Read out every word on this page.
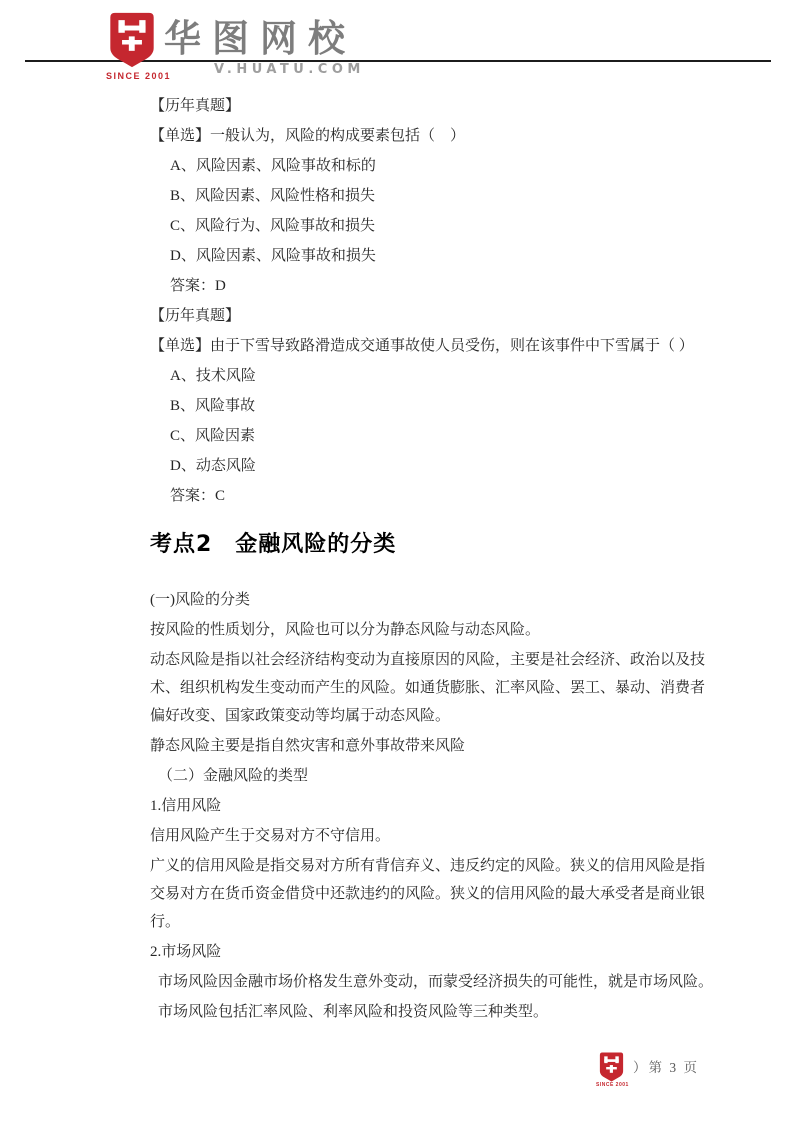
SINCE 2001
华图网校
V.HUATU.COM

【历年真题】

【单选】一般认为，风险的构成要素包括（　）

A、风险因素、风险事故和标的

B、风险因素、风险性格和损失

C、风险行为、风险事故和损失

D、风险因素、风险事故和损失

答案：D

【历年真题】

【单选】由于下雪导致路滑造成交通事故使人员受伤，则在该事件中下雪属于（ ）

A、技术风险

B、风险事故

C、风险因素

D、动态风险

答案：C

考点2　金融风险的分类

(一)风险的分类

按风险的性质划分，风险也可以分为静态风险与动态风险。

动态风险是指以社会经济结构变动为直接原因的风险，主要是社会经济、政治以及技术、组织机构发生变动而产生的风险。如通货膨胀、汇率风险、罢工、暴动、消费者偏好改变、国家政策变动等均属于动态风险。

静态风险主要是指自然灾害和意外事故带来风险

（二）金融风险的类型

1.信用风险

信用风险产生于交易对方不守信用。

广义的信用风险是指交易对方所有背信弃义、违反约定的风险。狭义的信用风险是指交易对方在货币资金借贷中还款违约的风险。狭义的信用风险的最大承受者是商业银行。

2.市场风险

市场风险因金融市场价格发生意外变动，而蒙受经济损失的可能性，就是市场风险。

市场风险包括汇率风险、利率风险和投资风险等三种类型。

SINCE 2001
）第 3 页
